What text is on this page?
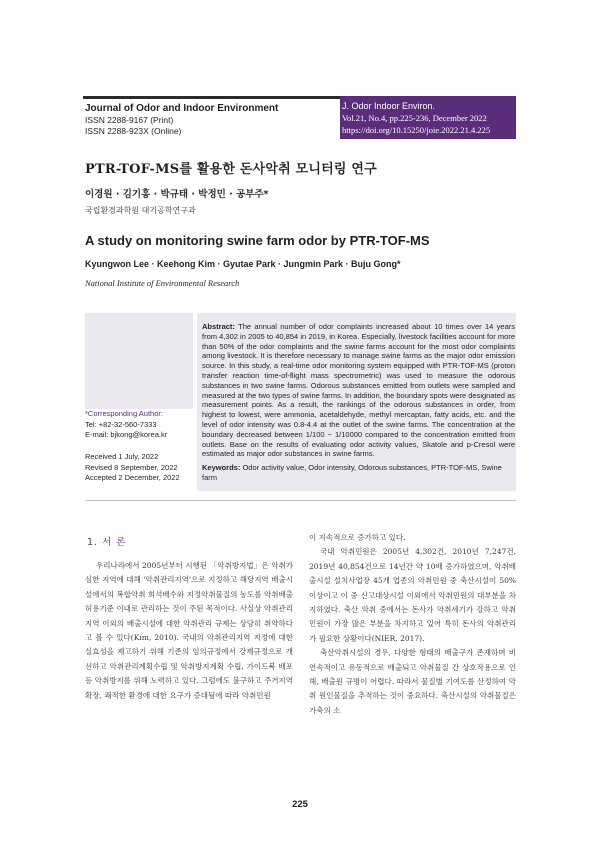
Journal of Odor and Indoor Environment
ISSN 2288-9167 (Print)
ISSN 2288-923X (Online)
J. Odor Indoor Environ.
Vol.21, No.4, pp.225-236, December 2022
https://doi.org/10.15250/joie.2022.21.4.225
PTR-TOF-MS를 활용한 돈사악취 모니터링 연구
이경원 · 김기홍 · 박규태 · 박정민 · 공부주*
국립환경과학원 대기공학연구과
A study on monitoring swine farm odor by PTR-TOF-MS
Kyungwon Lee · Keehong Kim · Gyutae Park · Jungmin Park · Buju Gong*
National Institute of Environmental Research
*Corresponding Author:
Tel: +82-32-560-7333
E-mail: bjkong@korea.kr
Received 1 July, 2022
Revised 8 September, 2022
Accepted 2 December, 2022
Abstract: The annual number of odor complaints increased about 10 times over 14 years from 4,302 in 2005 to 40,854 in 2019, in Korea. Especially, livestock facilities account for more than 50% of the odor complaints and the swine farms account for the most odor complaints among livestock. It is therefore necessary to manage swine farms as the major odor emission source. In this study, a real-time odor monitoring system equipped with PTR-TOF-MS (proton transfer reaction time-of-flight mass spectrometric) was used to measure the odorous substances in two swine farms. Odorous substances emitted from outlets were sampled and measured at the two types of swine farms. In addition, the boundary spots were designated as measurement points. As a result, the rankings of the odorous substances in order, from highest to lowest, were ammonia, acetaldehyde, methyl mercaptan, fatty acids, etc. and the level of odor intensity was 0.8-4.4 at the outlet of the swine farms. The concentration at the boundary decreased between 1/100 ~ 1/10000 compared to the concentration emitted from outlets. Base on the results of evaluating odor activity values, Skatole and p-Cresol were estimated as major odor substances in swine farms.
Keywords: Odor activity value, Odor intensity, Odorous substances, PTR-TOF-MS, Swine farm
1. 서 론

우리나라에서 2005년부터 시행된 「악취방지법」은 악취가 심한 지역에 대해 '악취관리지역'으로 지정하고 해당지역 배출시설에서의 복합악취 희석배수와 지정악취물질의 농도를 악취배출허용기준 이내로 관리하는 것이 주된 목적이다. 사실상 악취관리지역 이외의 배출시설에 대한 악취관리 규제는 상당히 취약하다고 볼 수 있다(Kim, 2010). 국내의 악취관리지역 지정에 대한 실효성을 제고하기 위해 기존의 임의규정에서 강제규정으로 개선하고 악취관리계획수립 및 악취방지계획 수립, 가이드북 배포 등 악취방지를 위해 노력하고 있다. 그럼에도 불구하고 주거지역 확장, 쾌적한 환경에 대한 요구가 증대됨에 따라 악취민원

이 지속적으로 증가하고 있다.

국내 악취민원은 2005년 4,302건, 2010년 7,247건, 2019년 40,854건으로 14년간 약 10배 증가하였으며, 악취배출시설 설치사업장 45개 업종의 악취민원 중 축산시설이 50% 이상이고 이 중 신고대상시설 이외에서 악취민원의 대부분을 차지하였다. 축산 악취 중에서는 돈사가 악취세기가 강하고 악취민원이 가장 많은 부분을 차지하고 있어 특히 돈사의 악취관리가 필요한 상황이다(NIER, 2017).

축산악취시설의 경우, 다양한 형태의 배출구가 존재하며 비연속적이고 유동적으로 배출되고 악취물질 간 상호작용으로 인해, 배출원 규명이 어렵다. 따라서 물질별 기여도를 산정하여 악취 원인물질을 추적하는 것이 중요하다. 축산시설의 악취물질은 가축의 소

225
